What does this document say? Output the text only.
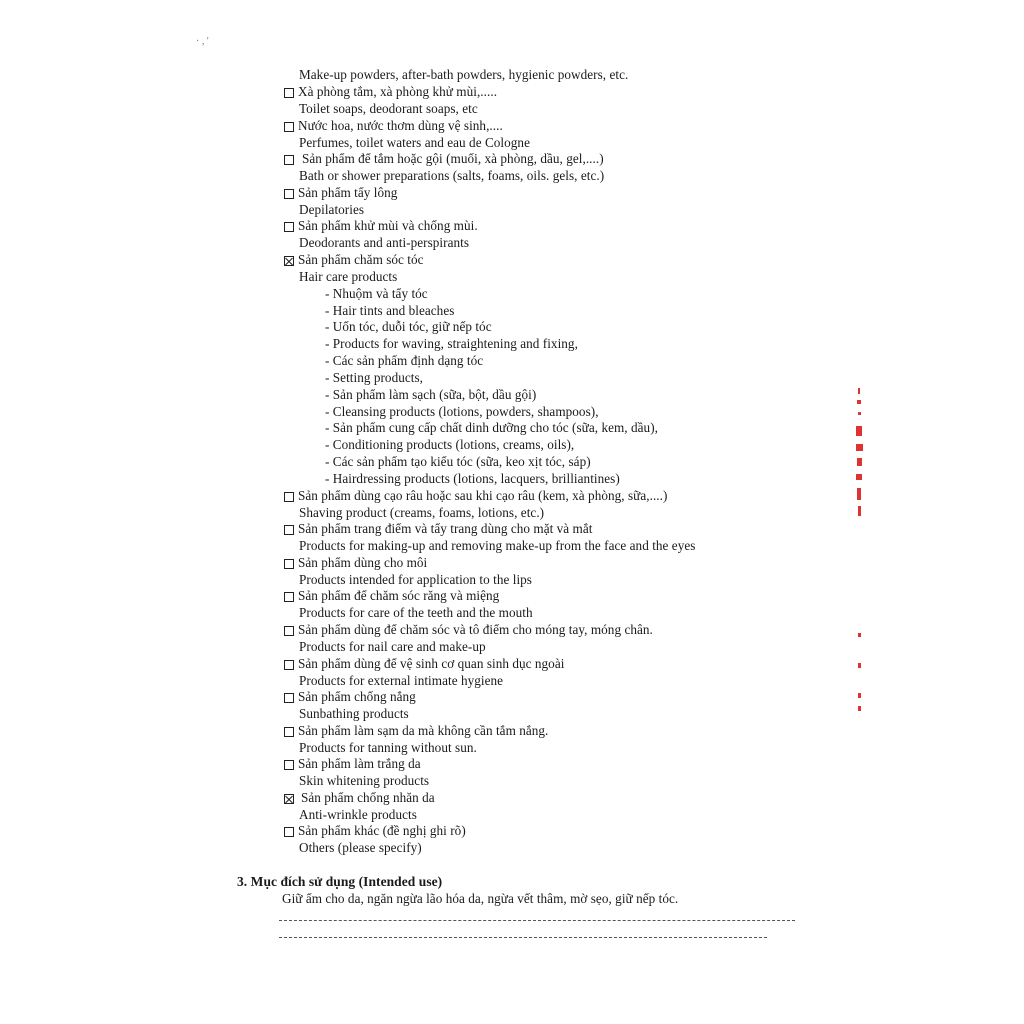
· , '
Make-up powders, after-bath powders, hygienic powders, etc.
Xà phòng tắm, xà phòng khử mùi,.....
Toilet soaps, deodorant soaps, etc
Nước hoa, nước thơm dùng vệ sinh,....
Perfumes, toilet waters and eau de Cologne
Sản phẩm để tắm hoặc gội (muối, xà phòng, dầu, gel,....)
Bath or shower preparations (salts, foams, oils. gels, etc.)
Sản phẩm tẩy lông
Depilatories
Sản phẩm khử mùi và chống mùi.
Deodorants and anti-perspirants
Sản phẩm chăm sóc tóc
Hair care products
- Nhuộm và tẩy tóc
- Hair tints and bleaches
- Uốn tóc, duỗi tóc, giữ nếp tóc
- Products for waving, straightening and fixing,
- Các sản phẩm định dạng tóc
- Setting products,
- Sản phẩm làm sạch (sữa, bột, dầu gội)
- Cleansing products (lotions, powders, shampoos),
- Sản phẩm cung cấp chất dinh dưỡng cho tóc (sữa, kem, dầu),
- Conditioning products (lotions, creams, oils),
- Các sản phẩm tạo kiểu tóc (sữa, keo xịt tóc, sáp)
- Hairdressing products (lotions, lacquers, brilliantines)
Sản phẩm dùng cạo râu hoặc sau khi cạo râu (kem, xà phòng, sữa,....)
Shaving product (creams, foams, lotions, etc.)
Sản phẩm trang điểm và tẩy trang dùng cho mặt và mắt
Products for making-up and removing make-up from the face and the eyes
Sản phẩm dùng cho môi
Products intended for application to the lips
Sản phẩm để chăm sóc răng và miệng
Products for care of the teeth and the mouth
Sản phẩm dùng để chăm sóc và tô điểm cho móng tay, móng chân.
Products for nail care and make-up
Sản phẩm dùng để vệ sinh cơ quan sinh dục ngoài
Products for external intimate hygiene
Sản phẩm chống nắng
Sunbathing products
Sản phẩm làm sạm da mà không cần tắm nắng.
Products for tanning without sun.
Sản phẩm làm trắng da
Skin whitening products
Sản phẩm chống nhăn da
Anti-wrinkle products
Sản phẩm khác (đề nghị ghi rõ)
Others (please specify)
3. Mục đích sử dụng (Intended use)
Giữ ẩm cho da, ngăn ngừa lão hóa da, ngừa vết thâm, mờ sẹo, giữ nếp tóc.
